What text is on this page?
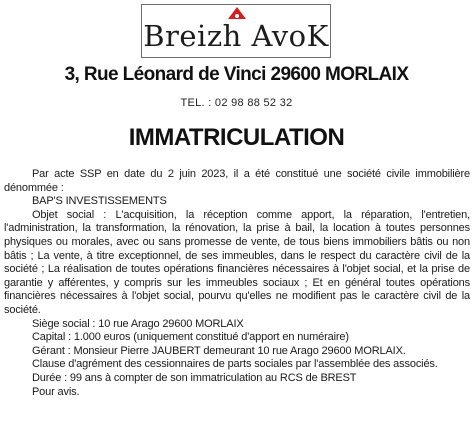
Breizh AvoK
3, Rue Léonard de Vinci 29600 MORLAIX
TEL. : 02 98 88 52 32
IMMATRICULATION

Par acte SSP en date du 2 juin 2023, il a été constitué une société civile immobilière dénommée :

BAP'S INVESTISSEMENTS

Objet social : L'acquisition, la réception comme apport, la réparation, l'entretien, l'administration, la transformation, la rénovation, la prise à bail, la location à toutes personnes physiques ou morales, avec ou sans promesse de vente, de tous biens immobiliers bâtis ou non bâtis ; La vente, à titre exceptionnel, de ses immeubles, dans le respect du caractère civil de la société ; La réalisation de toutes opérations financières nécessaires à l'objet social, et la prise de garantie y afférentes, y compris sur les immeubles sociaux ; Et en général toutes opérations financières nécessaires à l'objet social, pourvu qu'elles ne modifient pas le caractère civil de la société.

Siège social : 10 rue Arago 29600 MORLAIX

Capital : 1.000 euros (uniquement constitué d'apport en numéraire)

Gérant : Monsieur Pierre JAUBERT demeurant 10 rue Arago 29600 MORLAIX.

Clause d'agrément des cessionnaires de parts sociales par l'assemblée des associés.

Durée : 99 ans à compter de son immatriculation au RCS de BREST

Pour avis.
